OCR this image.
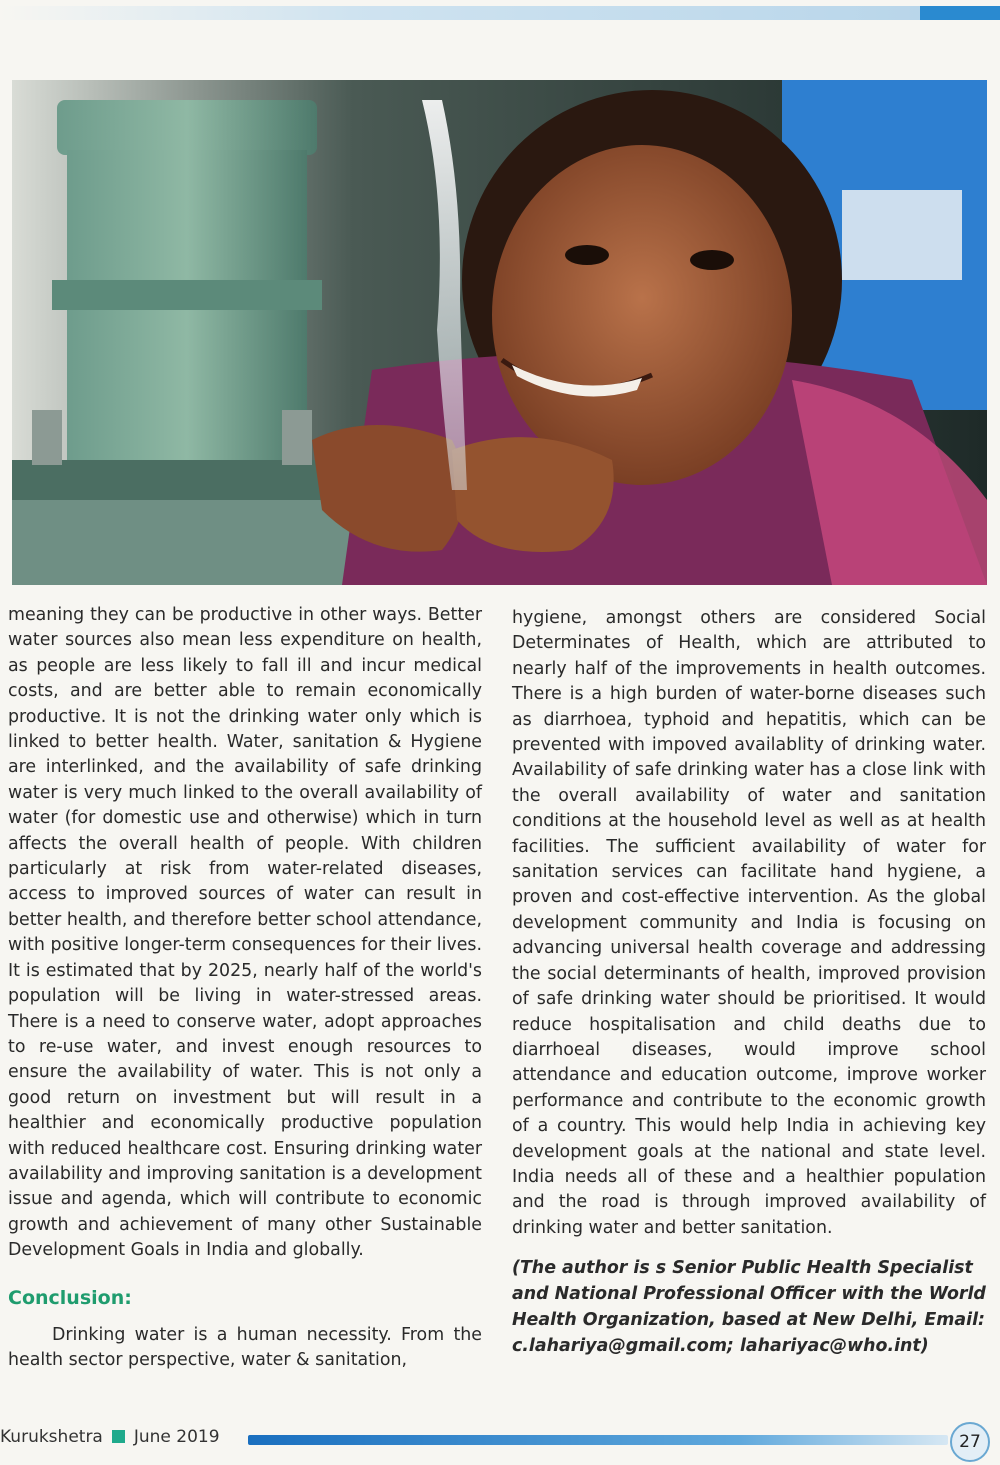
meaning they can be productive in other ways. Better water sources also mean less expenditure on health, as people are less likely to fall ill and incur medical costs, and are better able to remain economically productive. It is not the drinking water only which is linked to better health. Water, sanitation & Hygiene are interlinked, and the availability of safe drinking water is very much linked to the overall availability of water (for domestic use and otherwise) which in turn affects the overall health of people. With children particularly at risk from water-related diseases, access to improved sources of water can result in better health, and therefore better school attendance, with positive longer-term consequences for their lives. It is estimated that by 2025, nearly half of the world's population will be living in water-stressed areas. There is a need to conserve water, adopt approaches to re-use water, and invest enough resources to ensure the availability of water. This is not only a good return on investment but will result in a healthier and economically productive population with reduced healthcare cost. Ensuring drinking water availability and improving sanitation is a development issue and agenda, which will contribute to economic growth and achievement of many other Sustainable Development Goals in India and globally.

Conclusion:

Drinking water is a human necessity. From the health sector perspective, water & sanitation,

hygiene, amongst others are considered Social Determinates of Health, which are attributed to nearly half of the improvements in health outcomes. There is a high burden of water-borne diseases such as diarrhoea, typhoid and hepatitis, which can be prevented with impoved availablity of drinking water. Availability of safe drinking water has a close link with the overall availability of water and sanitation conditions at the household level as well as at health facilities. The sufficient availability of water for sanitation services can facilitate hand hygiene, a proven and cost-effective intervention. As the global development community and India is focusing on advancing universal health coverage and addressing the social determinants of health, improved provision of safe drinking water should be prioritised. It would reduce hospitalisation and child deaths due to diarrhoeal diseases, would improve school attendance and education outcome, improve worker performance and contribute to the economic growth of a country. This would help India in achieving key development goals at the national and state level. India needs all of these and a healthier population and the road is through improved availability of drinking water and better sanitation.

(The author is s Senior Public Health Specialist and National Professional Officer with the World Health Organization, based at New Delhi, Email: c.lahariya@gmail.com; lahariyac@who.int)

Kurukshetra June 2019	27
